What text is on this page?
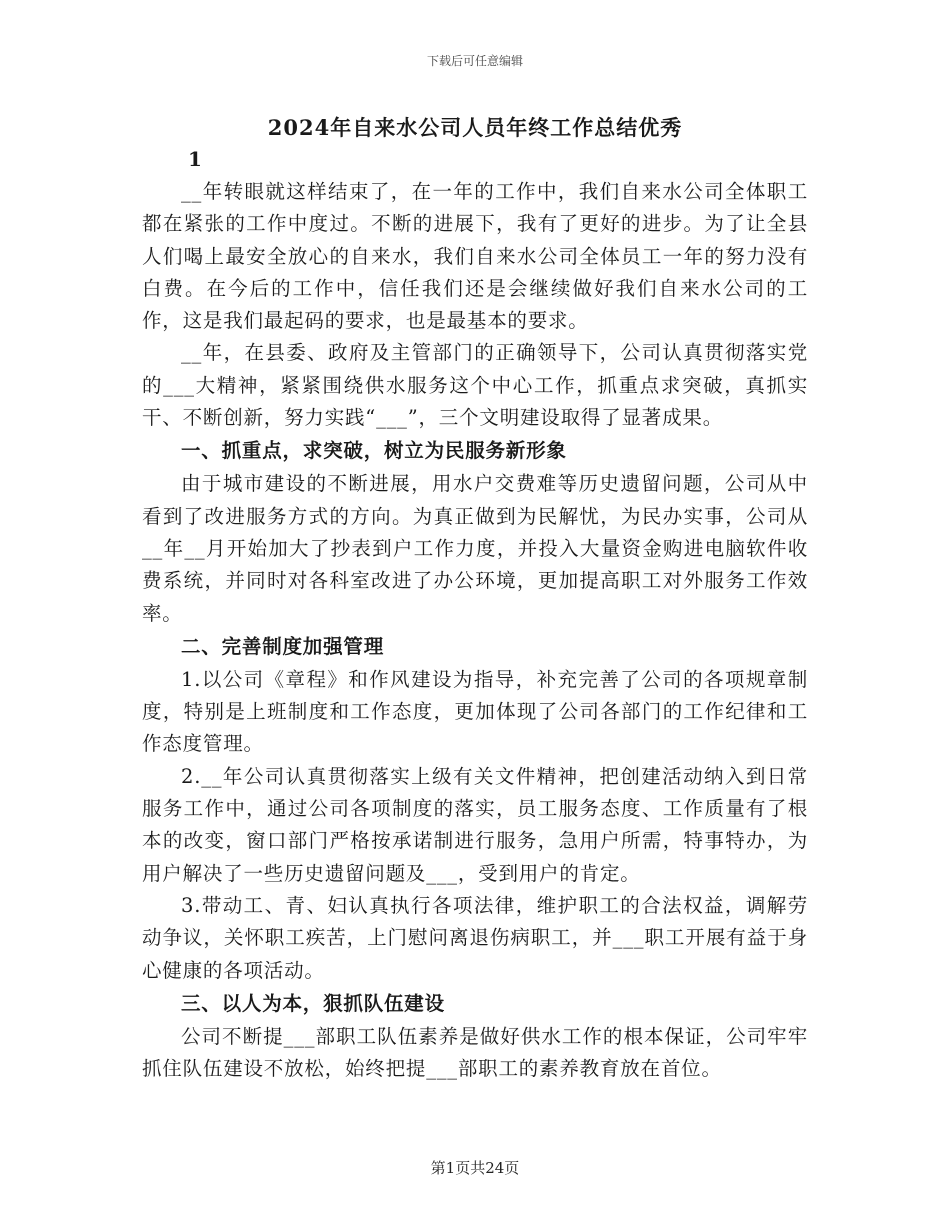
下载后可任意编辑
2024年自来水公司人员年终工作总结优秀
1

__年转眼就这样结束了，在一年的工作中，我们自来水公司全体职工都在紧张的工作中度过。不断的进展下，我有了更好的进步。为了让全县人们喝上最安全放心的自来水，我们自来水公司全体员工一年的努力没有白费。在今后的工作中，信任我们还是会继续做好我们自来水公司的工作，这是我们最起码的要求，也是最基本的要求。

__年，在县委、政府及主管部门的正确领导下，公司认真贯彻落实党的___大精神，紧紧围绕供水服务这个中心工作，抓重点求突破，真抓实干、不断创新，努力实践“___”，三个文明建设取得了显著成果。

一、抓重点，求突破，树立为民服务新形象

由于城市建设的不断进展，用水户交费难等历史遗留问题，公司从中看到了改进服务方式的方向。为真正做到为民解忧，为民办实事，公司从__年__月开始加大了抄表到户工作力度，并投入大量资金购进电脑软件收费系统，并同时对各科室改进了办公环境，更加提高职工对外服务工作效率。

二、完善制度加强管理

1.以公司《章程》和作风建设为指导，补充完善了公司的各项规章制度，特别是上班制度和工作态度，更加体现了公司各部门的工作纪律和工作态度管理。

2.__年公司认真贯彻落实上级有关文件精神，把创建活动纳入到日常服务工作中，通过公司各项制度的落实，员工服务态度、工作质量有了根本的改变，窗口部门严格按承诺制进行服务，急用户所需，特事特办，为用户解决了一些历史遗留问题及___，受到用户的肯定。

3.带动工、青、妇认真执行各项法律，维护职工的合法权益，调解劳动争议，关怀职工疾苦，上门慰问离退伤病职工，并___职工开展有益于身心健康的各项活动。

三、以人为本，狠抓队伍建设

公司不断提___部职工队伍素养是做好供水工作的根本保证，公司牢牢抓住队伍建设不放松，始终把提___部职工的素养教育放在首位。

第1页共24页
